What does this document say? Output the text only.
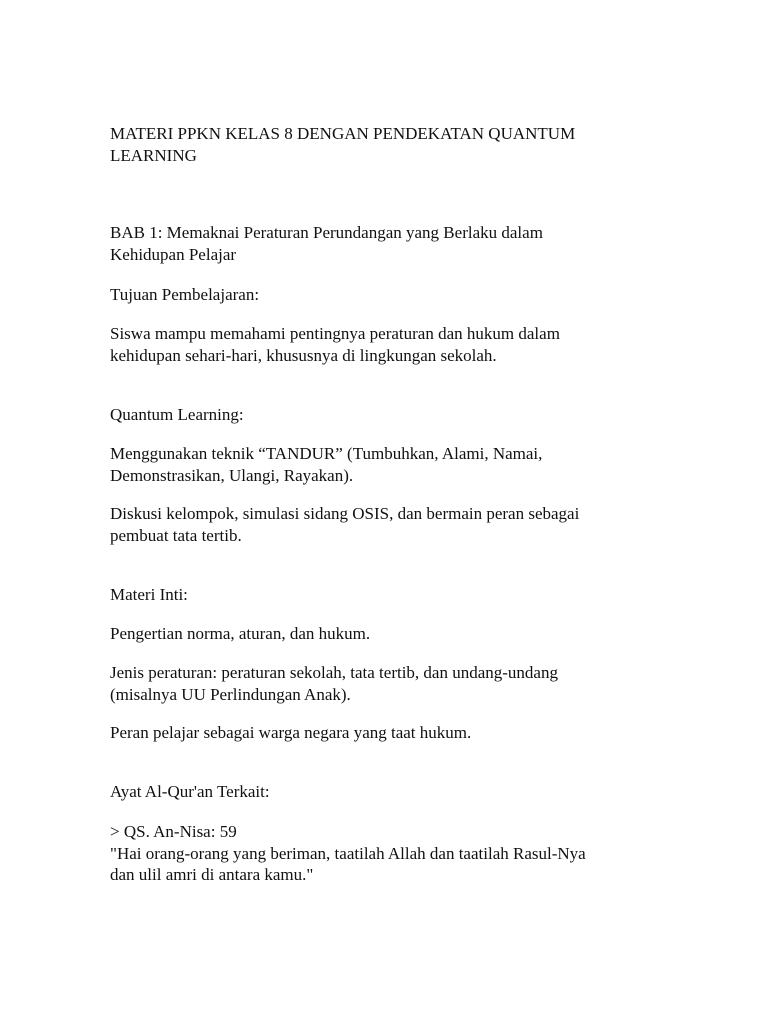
MATERI PPKN KELAS 8 DENGAN PENDEKATAN QUANTUM

LEARNING

BAB 1: Memaknai Peraturan Perundangan yang Berlaku dalam

Kehidupan Pelajar

Tujuan Pembelajaran:

Siswa mampu memahami pentingnya peraturan dan hukum dalam

kehidupan sehari-hari, khususnya di lingkungan sekolah.

Quantum Learning:

Menggunakan teknik “TANDUR” (Tumbuhkan, Alami, Namai,

Demonstrasikan, Ulangi, Rayakan).

Diskusi kelompok, simulasi sidang OSIS, dan bermain peran sebagai

pembuat tata tertib.

Materi Inti:

Pengertian norma, aturan, dan hukum.

Jenis peraturan: peraturan sekolah, tata tertib, dan undang-undang

(misalnya UU Perlindungan Anak).

Peran pelajar sebagai warga negara yang taat hukum.

Ayat Al-Qur'an Terkait:

> QS. An-Nisa: 59

"Hai orang-orang yang beriman, taatilah Allah dan taatilah Rasul-Nya

dan ulil amri di antara kamu."
